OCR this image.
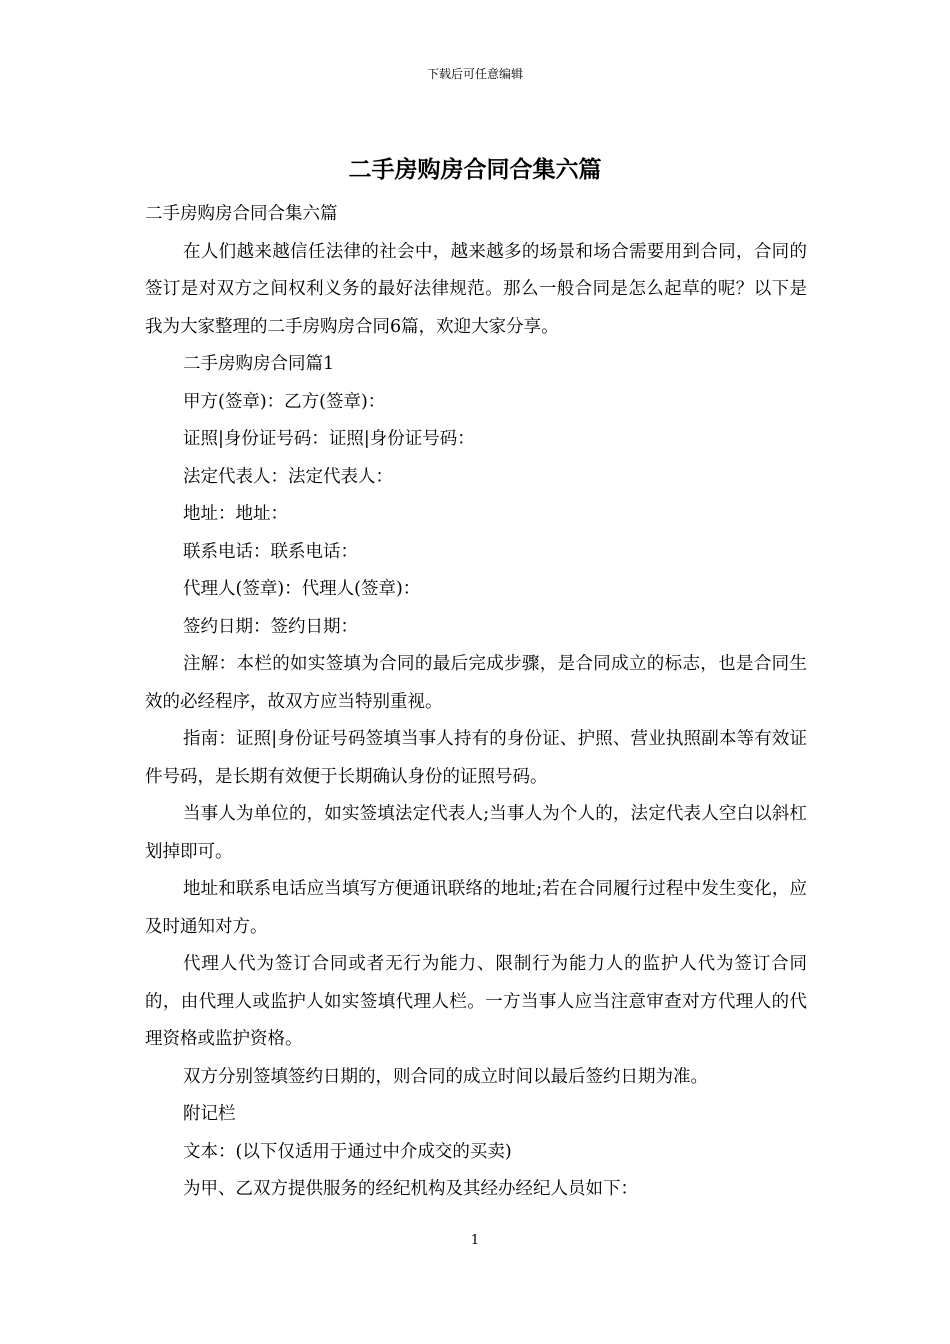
下载后可任意编辑
二手房购房合同合集六篇

二手房购房合同合集六篇

在人们越来越信任法律的社会中，越来越多的场景和场合需要用到合同，合同的签订是对双方之间权利义务的最好法律规范。那么一般合同是怎么起草的呢？以下是我为大家整理的二手房购房合同6篇，欢迎大家分享。

二手房购房合同篇1

甲方(签章)：乙方(签章)：

证照|身份证号码：证照|身份证号码：

法定代表人：法定代表人：

地址：地址：

联系电话：联系电话：

代理人(签章)：代理人(签章)：

签约日期：签约日期：

注解：本栏的如实签填为合同的最后完成步骤，是合同成立的标志，也是合同生效的必经程序，故双方应当特别重视。

指南：证照|身份证号码签填当事人持有的身份证、护照、营业执照副本等有效证件号码，是长期有效便于长期确认身份的证照号码。

当事人为单位的，如实签填法定代表人;当事人为个人的，法定代表人空白以斜杠划掉即可。

地址和联系电话应当填写方便通讯联络的地址;若在合同履行过程中发生变化，应及时通知对方。

代理人代为签订合同或者无行为能力、限制行为能力人的监护人代为签订合同的，由代理人或监护人如实签填代理人栏。一方当事人应当注意审查对方代理人的代理资格或监护资格。

双方分别签填签约日期的，则合同的成立时间以最后签约日期为准。

附记栏

文本：(以下仅适用于通过中介成交的买卖)

为甲、乙双方提供服务的经纪机构及其经办经纪人员如下：

1
